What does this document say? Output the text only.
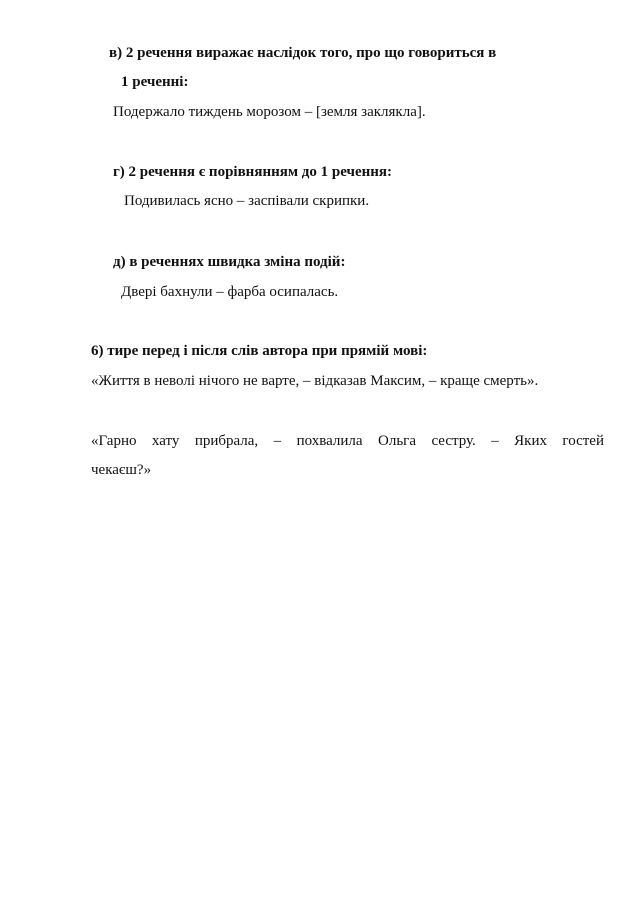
в) 2 речення виражає наслідок того, про що говориться в
1 реченні:
Подержало тиждень морозом – [земля заклякла].
г) 2 речення є порівнянням до 1 речення:
Подивилась ясно – заспівали скрипки.
д) в реченнях швидка зміна подій:
Двері бахнули – фарба осипалась.
6) тире перед і після слів автора при прямій мові:
«Життя в неволі нічого не варте, – відказав Максим, – краще смерть».
«Гарно хату прибрала, – похвалила Ольга сестру. – Яких гостей
чекаєш?»
